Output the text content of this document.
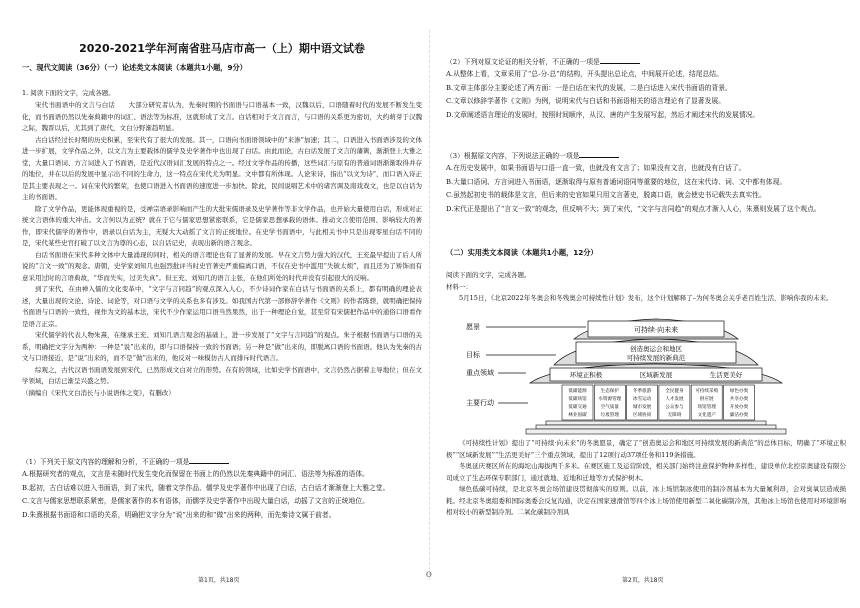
O
2020-2021学年河南省驻马店市高一（上）期中语文试卷
一、现代文阅读（36分）（一）论述类文本阅读（本题共1小题，9分）
1. 阅读下面的文字，完成各题。

宋代书面语中的文言与白话　　大部分研究者认为，先秦时期的书面语与口语基本一致，汉魏以后，口语随着时代的发展不断发生变化，而书面语仍然以先秦典籍中的词汇、语法等为标准，这就形成了文言。白话相对于文言而言，与口语的关系更为密切，大约萌芽于汉魏之际，魏晋以后，尤其到了唐代，文白分野渐趋明显。

古白话经过长时期的历史积累，至宋代有了很大的发展。其一，口语向书面语领域中的“来渗”加速；其二，口语进入书面语涉及的文体进一步扩展，文学作品之外，以文言为主要载体的儒学及史学著作中也出现了白话。由此而论，古白话发展了文言的藩篱，渐渐登上大雅之堂，大量口语词、方言词进入了书面语，是近代汉语词汇发展的特点之一。经过文学作品的传播，这些词汇与原有的普通词语渐渐取得并存的地位，并在以后的发展中显示出不同的生命力，这一特点在宋代尤为明显。文中都有所体现。人论宋诗，指出“以文为诗”，而口语入诗正是其主要表现之一。词在宋代的繁荣，也使口语进入书面语的速度进一步加快。除此，民间说唱艺术中的诸宫调及南戏戏文，也是以白话为主的书面语。

除了文学作品，更能体现重视的是，受禅宗语录影响而产生的大批宋儒语录及史学著作等非文学作品，也开始大量使用白话，形成对正统文言语体的重大冲击。文言何以为正统？就在于它与儒家思想紧密联系，它是儒家思想承载的语体。推动文言使用范围、影响较大的著作，即宋代儒学的著作中，语录以白话为主，无疑大大动摇了文言的正统地位。在史学书面语中，与此相关书中只是出现零星白话不同的是，宋代某些史官打破了以文言为尊的心态，以自话记史，表现出新的语言观念。

白话书面语在宋代多种文体中大量涌现的同时，相关的语言理论也有了显著的发展。早在文言势力强大的汉代，王充最早提出了后人所说的“言文一致”的观念。唐朝，史学家刘知几也强烈批评当时史官著史严重偏离口语，不仅在史书中滥用“失铍太烦”，而且还为了矫饰而有意采用过时的言语典故，“华而失实，过美失真”。但王充、刘知几的语言主张，在他们所处的时代并没有引起很大的反响。

到了宋代，在由禅入儒的文化变革中，“文字与言同趋”的观点深入人心，不少诗词作家在白话与书面语的关系上，都有明确的理论表述，大量出现的文论、诗论、词论等，对口语与文学的关系也多有涉及。如我国古代第一部修辞学著作《文则》的作者陈骙，就明确把保持书面语与口语的一致性，视作为文的基本法，宋代不少作家运用口语当然果然，出于一种理论自觉，甚至常有宋儒把作品中的通俗口语看作是语言正宗。

宋代儒学的代表人物朱熹，在继承王充、刘知几语言观念的基础上，进一步发展了“文字与言同趋”的观点。朱子根据书面语与口语的关系，明确把文字分为两种：一种是“说”出来的，即与口语保持一致的书面语；另一种是“做”出来的，即脱离口语的书面语。他认为先秦的古文与口语接近，是“说”出来的，而不是“做”出来的，他反对一味模仿古人而排斥时代语言。

综观之，古代汉语书面语发展到宋代，已然形成文白对立的形势。在有的领域，比如史学书面语中，文言仍然占据着主导地位；但在文学领域，白话已渐呈兴盛之势。

（摘编自《宋代文白消长与小说语体之变》，有删改）

（1）下列关于原文内容的理解和分析，不正确的一项是

A.根据研究者的观点，文言是未随时代发生变化而保留在书面上的仍然以先秦典籍中的词汇、语法等为标准的语体。

B.起初，古白话难以进入书面语，到了宋代，随着文学作品、儒学及史学著作中出现了白话，古白话才渐渐登上大雅之堂。

C.文言与儒家思想联系紧密，是儒家著作的本有语体，而儒学及史学著作中出现大量白话，动摇了文言的正统地位。

D.朱熹根据书面语和口语的关系，明确把文字分为“说”出来的和“做”出来的两种，而先秦诗文属于前者。

第1页，共18页

（2）下列对原文论证的相关分析，不正确的一项是

A.从整体上看，文章采用了“总-分-总”的结构，开头提出总论点，中间展开论述，结尾总结。

B.文章主体部分主要论述了两方面：一是白话在宋代的发展，二是白话进入宋代书面语的背景。

C.文章以修辞学著作《文则》为例，说明宋代与白话和书面语相关的语言理论有了显著发展。

D.文章阐述语言理论的发展时，按照时间顺序，从汉、唐的产生发展写起，然后才阐述宋代的发展情况。

（3）根据原文内容，下列说法正确的一项是

A.在历史发展中，如果书面语与口语一直一致，也就没有文言了；如果没有文言，也就没有白话了。

B.大量口语词、方言词进入书面语，逐渐取得与原有普通词语同等重要的地位，这在宋代诗、词、文中都有体现。

C.虽然起初史书的载体是文言，但后来的史官如果只用文言著史，脱离口语，就会使史书记载失去真实性。

D.宋代正是提出了“言文一致”的观念，但反响不大；到了宋代，“文字与言同趋”的观点才渐入人心，朱熹则发展了这个观点。

（二）实用类文本阅读（本题共1小题，12分）

阅读下面的文字，完成各题。

材料一：

5月15日，《北京2022年冬奥会和冬残奥会可持续性计划》发布，这个计划解释了–为何冬奥会关乎老百姓生活，影响你我的未来。

愿景
目标
重点领域
主要行动
可持续·向未来
创造奥运会和地区
可持续发展的新典范
环境正积极	区域新发展	生活更美好
低碳能源
低碳场馆
低碳交通
林业固碳
生态保护
水资源管理
空气质量
垃圾管理
冬季旅游
冰雪运动
城市发展
区域协同
全民健身
人才发展
公众参与
无障碍
可持续采购
供应链
场馆管理
文化遗产
绿色办奥
共享办奥
开放办奥
廉洁办奥

《可持续性计划》提出了“可持续·向未来”的冬奥愿景，确定了“创造奥运会和地区可持续发展的新典范”的总体目标，明确了“环境正积极”“区域新发展”“生活更美好”三个重点领域，提出了12项行动37项任务和119条措施。

冬奥延庆赛区所在的海坨山海拔两千多米。在赛区施工及运营阶段，相关部门始终注意保护物种多样性，建设单位北控京奥建设有限公司成立了生态环保专职部门，通过就地、近地和迁地等方式保护树木。

绿色低碳可持续，是北京冬奥会场馆建设贯彻落实的原则。以前，冰上场馆制冰使用的制冷剂基本为大量氟利昂，会对臭氧层造成损耗。经北京冬奥组委和国际奥委会反复沟通，决定在国家速滑馆等四个冰上场馆使用新型二氧化碳制冷剂，其他冰上场馆也使用对环境影响相对较小的新型制冷剂。二氧化碳制冷剂具

第2页，共18页
